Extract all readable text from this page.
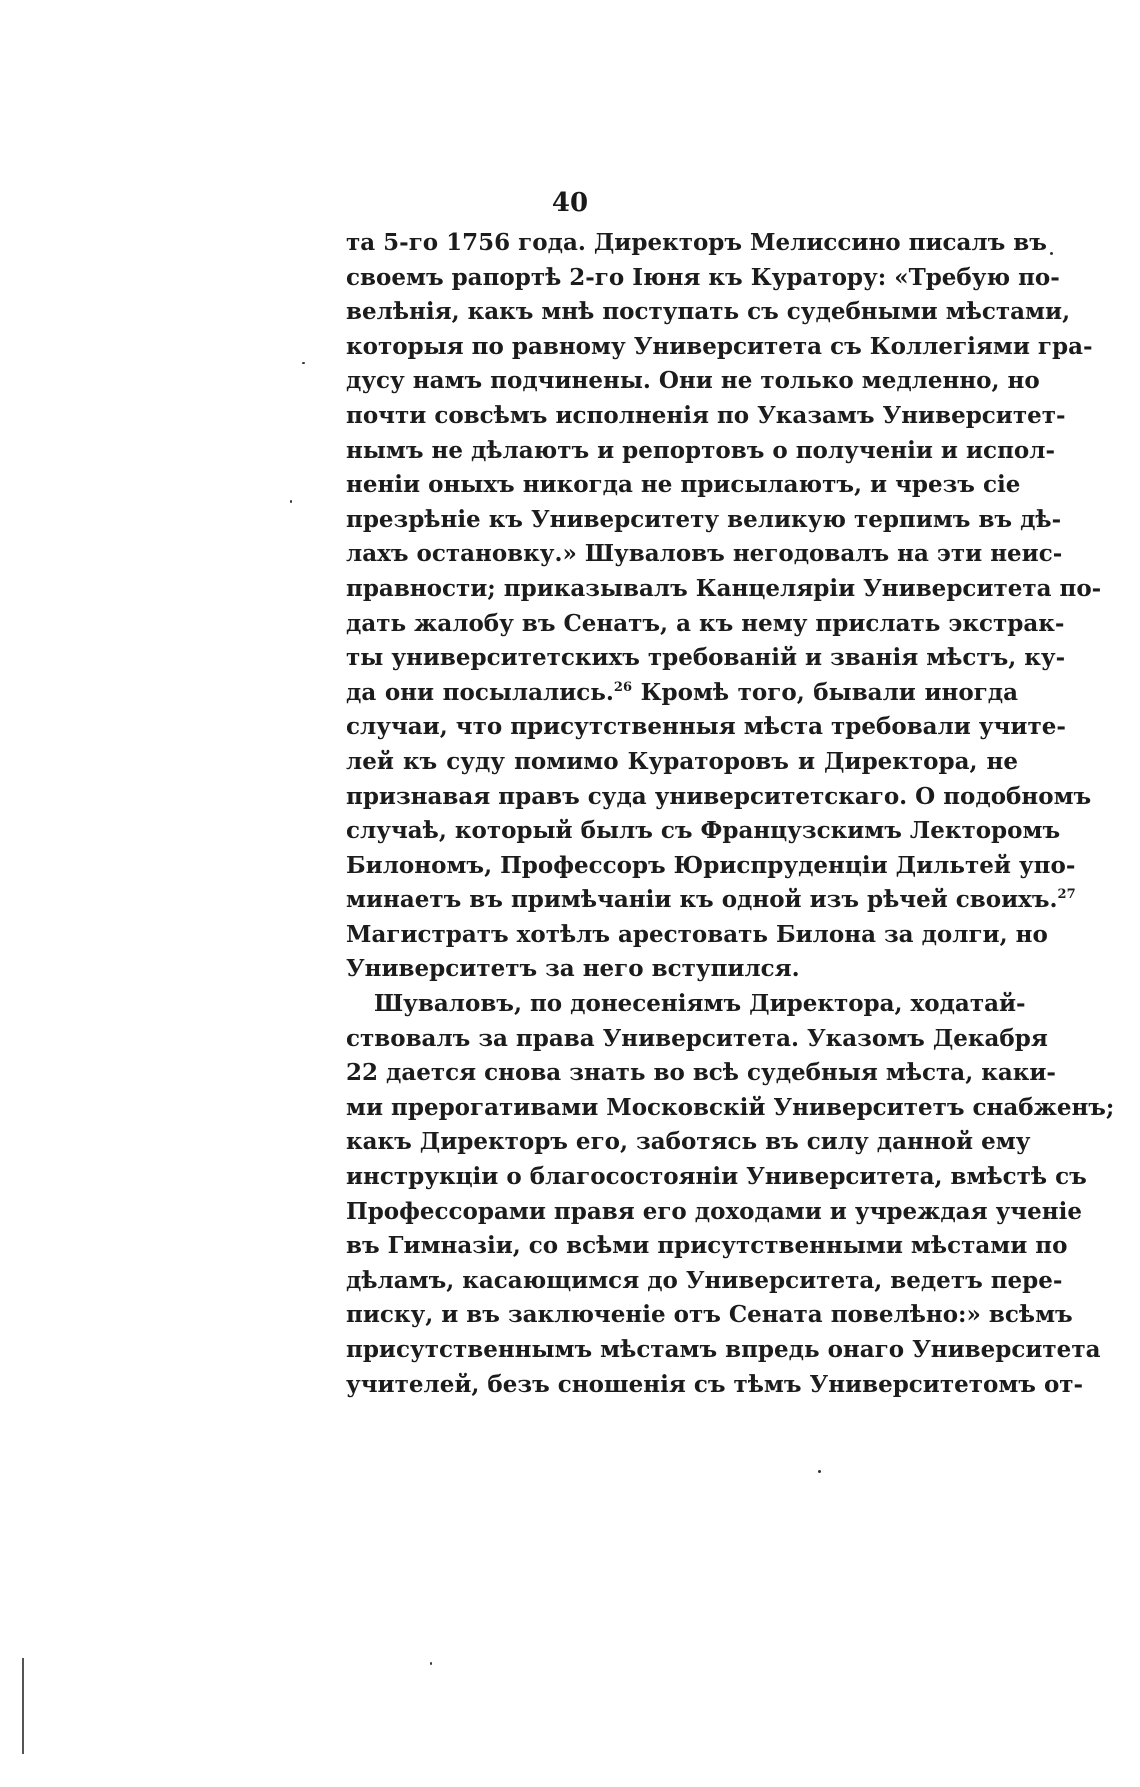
40
та 5-го 1756 года. Директоръ Мелиссино писалъ въ
своемъ рапортѣ 2-го Іюня къ Куратору: «Требую по-
велѣнія, какъ мнѣ поступать съ судебными мѣстами,
которыя по равному Университета съ Коллегіями гра-
дусу намъ подчинены. Они не только медленно, но
почти совсѣмъ исполненія по Указамъ Университет-
нымъ не дѣлаютъ и репортовъ о полученіи и испол-
неніи оныхъ никогда не присылаютъ, и чрезъ сіе
презрѣніе къ Университету великую терпимъ въ дѣ-
лахъ остановку.» Шуваловъ негодовалъ на эти неис-
правности; приказывалъ Канцеляріи Университета по-
дать жалобу въ Сенатъ, а къ нему прислать экстрак-
ты университетскихъ требованій и званія мѣстъ, ку-
да они посылались.$^{26}$ Кромѣ того, бывали иногда
случаи, что присутственныя мѣста требовали учите-
лей къ суду помимо Кураторовъ и Директора, не
признавая правъ суда университетскаго. О подобномъ
случаѣ, который былъ съ Французскимъ Лекторомъ
Билономъ, Профессоръ Юриспруденціи Дильтей упо-
минаетъ въ примѣчаніи къ одной изъ рѣчей своихъ.$^{27}$
Магистратъ хотѣлъ арестовать Билона за долги, но
Университетъ за него вступился.
Шуваловъ, по донесеніямъ Директора, ходатай-
ствовалъ за права Университета. Указомъ Декабря
22 дается снова знать во всѣ судебныя мѣста, каки-
ми прерогативами Московскій Университетъ снабженъ;
какъ Директоръ его, заботясь въ силу данной ему
инструкціи о благосостояніи Университета, вмѣстѣ съ
Профессорами правя его доходами и учреждая ученіе
въ Гимназіи, со всѣми присутственными мѣстами по
дѣламъ, касающимся до Университета, ведетъ пере-
писку, и въ заключеніе отъ Сената повелѣно:» всѣмъ
присутственнымъ мѣстамъ впредь онаго Университета
учителей, безъ сношенія съ тѣмъ Университетомъ от-
